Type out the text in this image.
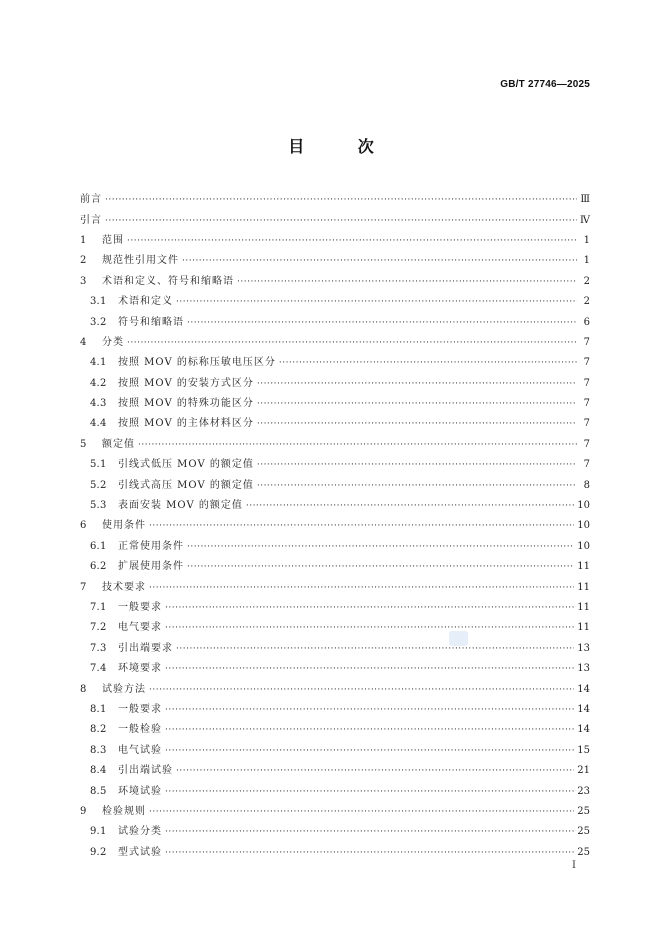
GB/T 27746—2025
目 次
前言 ·····	Ⅲ
引言 ·····	Ⅳ
1	范围 ·····	1
2	规范性引用文件 ·····	1
3	术语和定义、符号和缩略语 ·····	2
3.1	术语和定义 ·····	2
3.2	符号和缩略语 ·····	6
4	分类 ·····	7
4.1	按照 MOV 的标称压敏电压区分 ·····	7
4.2	按照 MOV 的安装方式区分 ·····	7
4.3	按照 MOV 的特殊功能区分 ·····	7
4.4	按照 MOV 的主体材料区分 ·····	7
5	额定值 ·····	7
5.1	引线式低压 MOV 的额定值 ·····	7
5.2	引线式高压 MOV 的额定值 ·····	8
5.3	表面安装 MOV 的额定值 ·····	10
6	使用条件 ·····	10
6.1	正常使用条件 ·····	10
6.2	扩展使用条件 ·····	11
7	技术要求 ·····	11
7.1	一般要求 ·····	11
7.2	电气要求 ·····	11
7.3	引出端要求 ·····	13
7.4	环境要求 ·····	13
8	试验方法 ·····	14
8.1	一般要求 ·····	14
8.2	一般检验 ·····	14
8.3	电气试验 ·····	15
8.4	引出端试验 ·····	21
8.5	环境试验 ·····	23
9	检验规则 ·····	25
9.1	试验分类 ·····	25
9.2	型式试验 ·····	25
I
